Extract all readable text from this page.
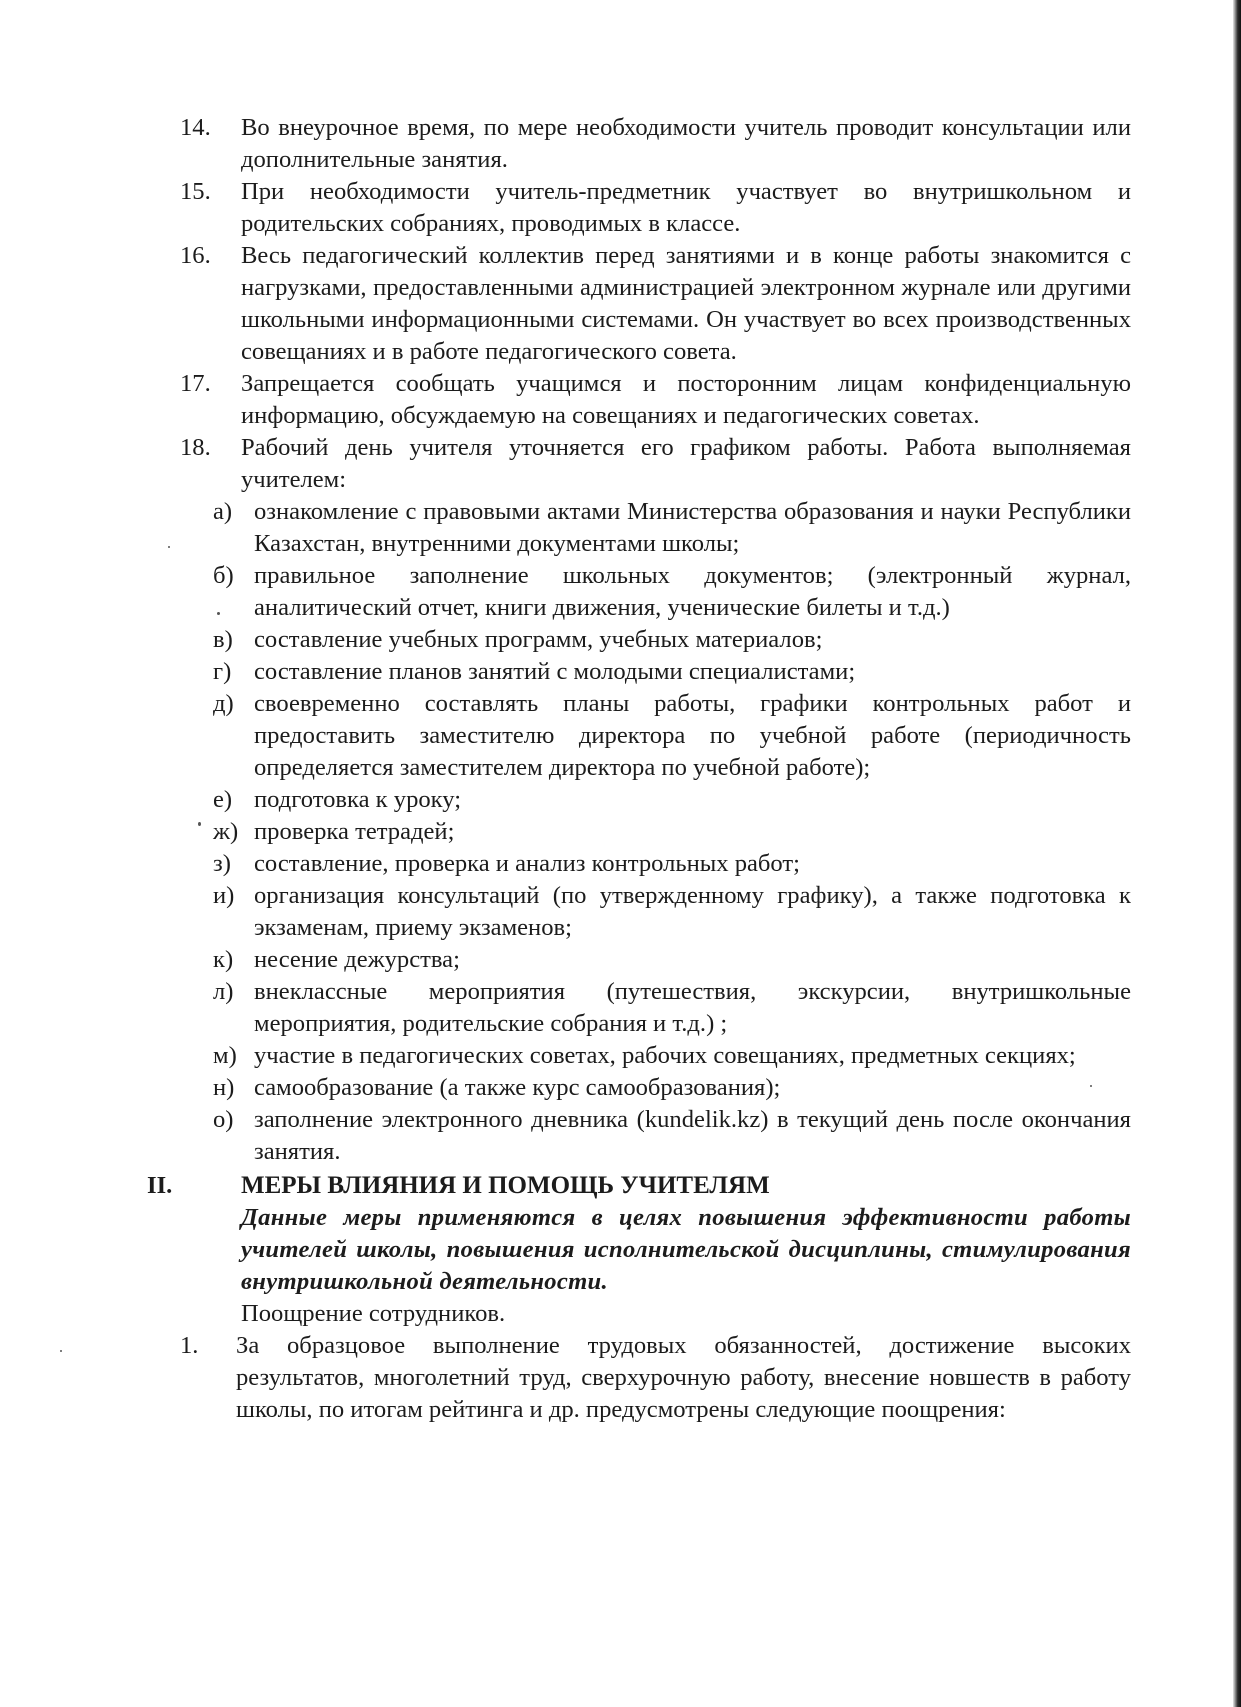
14. Во внеурочное время, по мере необходимости учитель проводит консультации или дополнительные занятия.
15. При необходимости учитель-предметник участвует во внутришкольном и родительских собраниях, проводимых в классе.
16. Весь педагогический коллектив перед занятиями и в конце работы знакомится с нагрузками, предоставленными администрацией электронном журнале или другими школьными информационными системами. Он участвует во всех производственных совещаниях и в работе педагогического совета.
17. Запрещается сообщать учащимся и посторонним лицам конфиденциальную информацию, обсуждаемую на совещаниях и педагогических советах.
18. Рабочий день учителя уточняется его графиком работы. Работа выполняемая учителем:
а) ознакомление с правовыми актами Министерства образования и науки Республики Казахстан, внутренними документами школы;
б) правильное заполнение школьных документов; (электронный журнал, аналитический отчет, книги движения, ученические билеты и т.д.)
в) составление учебных программ, учебных материалов;
г) составление планов занятий с молодыми специалистами;
д) своевременно составлять планы работы, графики контрольных работ и предоставить заместителю директора по учебной работе (периодичность определяется заместителем директора по учебной работе);
е) подготовка к уроку;
ж) проверка тетрадей;
з) составление, проверка и анализ контрольных работ;
и) организация консультаций (по утвержденному графику), а также подготовка к экзаменам, приему экзаменов;
к) несение дежурства;
л) внеклассные мероприятия (путешествия, экскурсии, внутришкольные мероприятия, родительские собрания и т.д.) ;
м) участие в педагогических советах, рабочих совещаниях, предметных секциях;
н) самообразование (а также курс самообразования);
о) заполнение электронного дневника (kundelik.kz) в текущий день после окончания занятия.
II.	МЕРЫ ВЛИЯНИЯ И ПОМОЩЬ УЧИТЕЛЯМ
Данные меры применяются в целях повышения эффективности работы учителей школы, повышения исполнительской дисциплины, стимулирования внутришкольной деятельности.
Поощрение сотрудников.
1. За образцовое выполнение трудовых обязанностей, достижение высоких результатов, многолетний труд, сверхурочную работу, внесение новшеств в работу школы, по итогам рейтинга и др. предусмотрены следующие поощрения:
